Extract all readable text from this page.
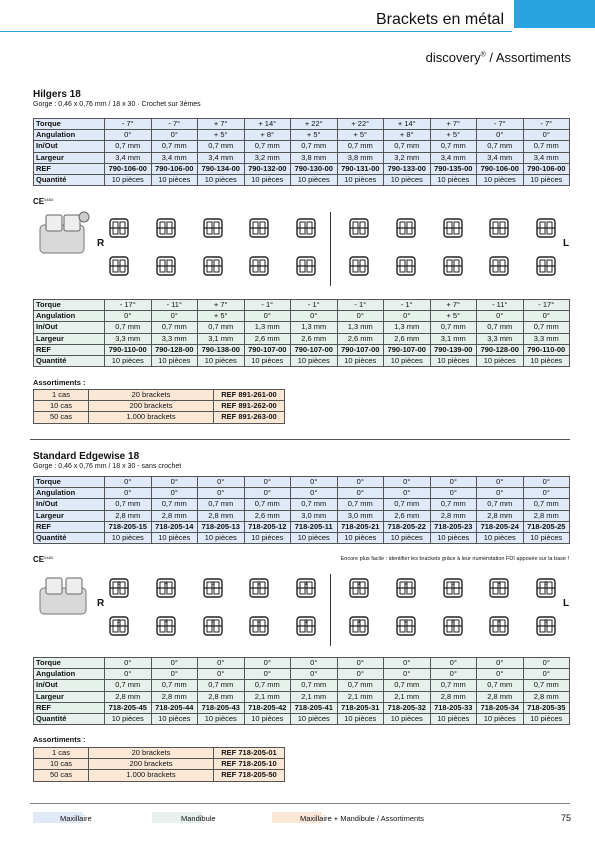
Brackets en métal
discovery® / Assortiments
Hilgers 18
Gorge : 0,46 x 0,76 mm / 18 x 30 · Crochet sur 3èmes
Torque	- 7°	- 7°	+ 7°	+ 14°	+ 22°	+ 22°	+ 14°	+ 7°	- 7°	- 7°
Angulation	0°	0°	+ 5°	+ 8°	+ 5°	+ 5°	+ 8°	+ 5°	0°	0°
In/Out	0,7 mm	0,7 mm	0,7 mm	0,7 mm	0,7 mm	0,7 mm	0,7 mm	0,7 mm	0,7 mm	0,7 mm
Largeur	3,4 mm	3,4 mm	3,4 mm	3,2 mm	3,8 mm	3,8 mm	3,2 mm	3,4 mm	3,4 mm	3,4 mm
REF	790-106-00	790-106-00	790-134-00	790-132-00	790-130-00	790-131-00	790-133-00	790-135-00	790-106-00	790-106-00
Quantité	10 pièces	10 pièces	10 pièces	10 pièces	10 pièces	10 pièces	10 pièces	10 pièces	10 pièces	10 pièces
$CE^{0483}$
R	L
Torque	- 17°	- 11°	+ 7°	- 1°	- 1°	- 1°	- 1°	+ 7°	- 11°	- 17°
Angulation	0°	0°	+ 5°	0°	0°	0°	0°	+ 5°	0°	0°
In/Out	0,7 mm	0,7 mm	0,7 mm	1,3 mm	1,3 mm	1,3 mm	1,3 mm	0,7 mm	0,7 mm	0,7 mm
Largeur	3,3 mm	3,3 mm	3,1 mm	2,6 mm	2,6 mm	2,6 mm	2,6 mm	3,1 mm	3,3 mm	3,3 mm
REF	790-110-00	790-128-00	790-138-00	790-107-00	790-107-00	790-107-00	790-107-00	790-139-00	790-128-00	790-110-00
Quantité	10 pièces	10 pièces	10 pièces	10 pièces	10 pièces	10 pièces	10 pièces	10 pièces	10 pièces	10 pièces
Assortiments :
1 cas	20 brackets	REF 891-261-00
10 cas	200 brackets	REF 891-262-00
50 cas	1.000 brackets	REF 891-263-00
Standard Edgewise 18
Gorge : 0,46 x 0,76 mm / 18 x 30 - sans crochet
Torque	0°	0°	0°	0°	0°	0°	0°	0°	0°	0°
Angulation	0°	0°	0°	0°	0°	0°	0°	0°	0°	0°
In/Out	0,7 mm	0,7 mm	0,7 mm	0,7 mm	0,7 mm	0,7 mm	0,7 mm	0,7 mm	0,7 mm	0,7 mm
Largeur	2,8 mm	2,8 mm	2,8 mm	2,6 mm	3,0 mm	3,0 mm	2,6 mm	2,8 mm	2,8 mm	2,8 mm
REF	718-205-15	718-205-14	718-205-13	718-205-12	718-205-11	718-205-21	718-205-22	718-205-23	718-205-24	718-205-25
Quantité	10 pièces	10 pièces	10 pièces	10 pièces	10 pièces	10 pièces	10 pièces	10 pièces	10 pièces	10 pièces
$CE^{0483}$	Encore plus facile : identifier les brackets grâce à leur numérotation FDI apposée sur la base !
R	L
5	4	3	2	1	1	2	3	4	5
5	4	3	2	1	1	2	3	4	5
Torque	0°	0°	0°	0°	0°	0°	0°	0°	0°	0°
Angulation	0°	0°	0°	0°	0°	0°	0°	0°	0°	0°
In/Out	0,7 mm	0,7 mm	0,7 mm	0,7 mm	0,7 mm	0,7 mm	0,7 mm	0,7 mm	0,7 mm	0,7 mm
Largeur	2,8 mm	2,8 mm	2,8 mm	2,1 mm	2,1 mm	2,1 mm	2,1 mm	2,8 mm	2,8 mm	2,8 mm
REF	718-205-45	718-205-44	718-205-43	718-205-42	718-205-41	718-205-31	718-205-32	718-205-33	718-205-34	718-205-35
Quantité	10 pièces	10 pièces	10 pièces	10 pièces	10 pièces	10 pièces	10 pièces	10 pièces	10 pièces	10 pièces
Assortiments :
1 cas	20 brackets	REF 718-205-01
10 cas	200 brackets	REF 718-205-10
50 cas	1.000 brackets	REF 718-205-50
Maxillaire	Mandibule	Maxillaire + Mandibule / Assortiments	75
